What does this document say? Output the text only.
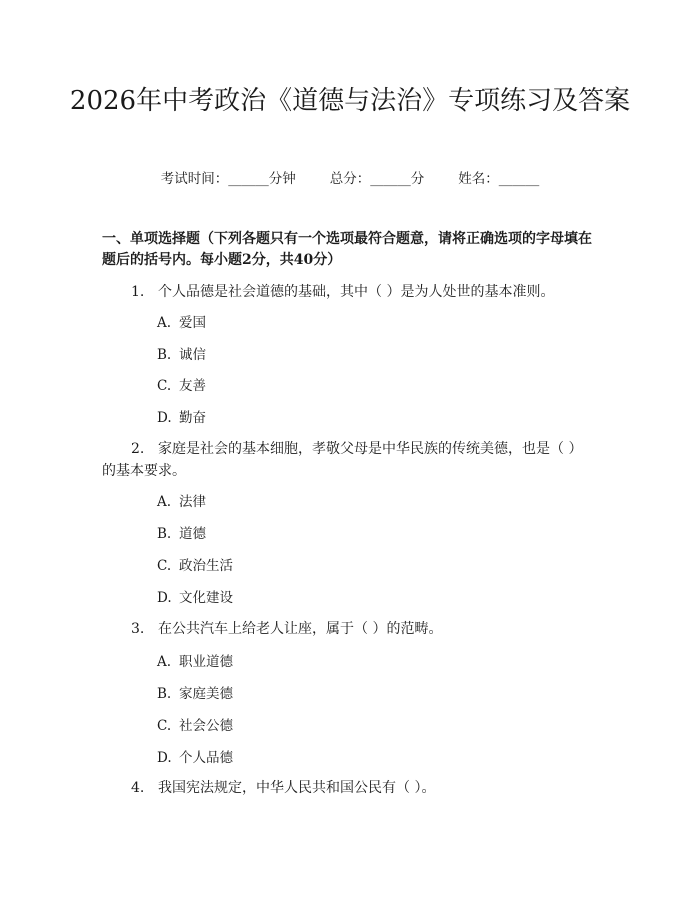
2026年中考政治《道德与法治》专项练习及答案
考试时间：______分钟	总分：______分	姓名：______

一、单项选择题（下列各题只有一个选项最符合题意，请将正确选项的字母填在题后的括号内。每小题2分，共40分）

1. 个人品德是社会道德的基础，其中（ ）是为人处世的基本准则。

A. 爱国

B. 诚信

C. 友善

D. 勤奋

2. 家庭是社会的基本细胞，孝敬父母是中华民族的传统美德，也是（ ）的基本要求。

A. 法律

B. 道德

C. 政治生活

D. 文化建设

3. 在公共汽车上给老人让座，属于（ ）的范畴。

A. 职业道德

B. 家庭美德

C. 社会公德

D. 个人品德

4. 我国宪法规定，中华人民共和国公民有（ ）。
